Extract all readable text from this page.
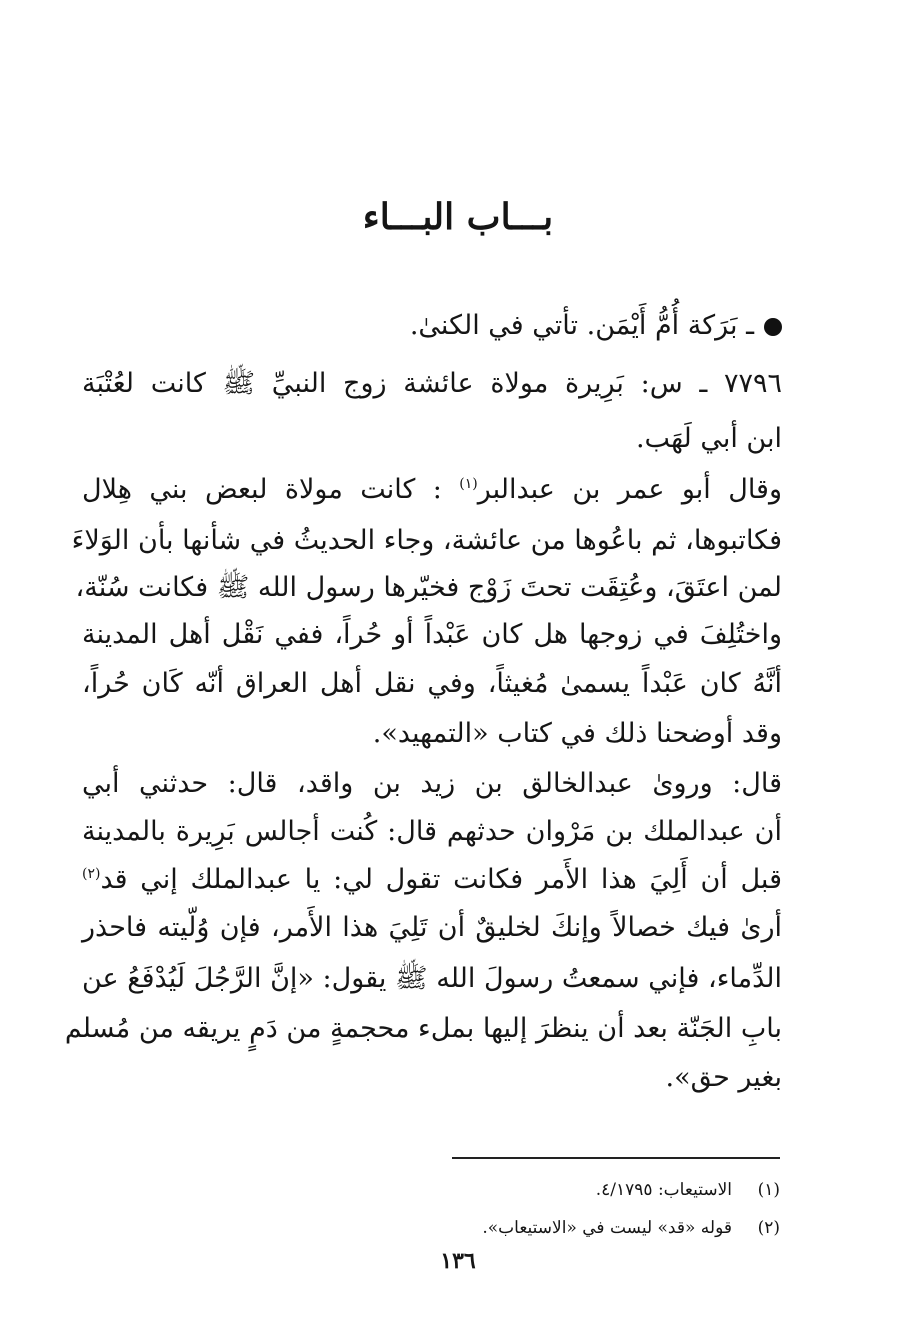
بـــاب البـــاء
ـ بَرَكة أُمُّ أَيْمَن. تأتي في الكنىٰ.
٧٧٩٦ ـ س: بَرِيرة مولاة عائشة زوج النبيِّ ﷺ كانت لعُتْبَة
ابن أبي لَهَب.
وقال أبو عمر بن عبدالبر$^{(١)}$ : كانت مولاة لبعض بني هِلال
فكاتبوها، ثم باعُوها من عائشة، وجاء الحديثُ في شأنها بأن الوَلاءَ
لمن اعتَقَ، وعُتِقَت تحتَ زَوْج فخيّرها رسول الله ﷺ فكانت سُنّة،
واختُلِفَ في زوجها هل كان عَبْداً أو حُراً، ففي نَقْل أهل المدينة
أنَّهُ كان عَبْداً يسمىٰ مُغيثاً، وفي نقل أهل العراق أنّه كَان حُراً،
وقد أوضحنا ذلك في كتاب «التمهيد».
قال: وروىٰ عبدالخالق بن زيد بن واقد، قال: حدثني أبي
أن عبدالملك بن مَرْوان حدثهم قال: كُنت أجالس بَرِيرة بالمدينة
قبل أن أَلِيَ هذا الأَمر فكانت تقول لي: يا عبدالملك إني قد$^{(٢)}$
أرىٰ فيك خصالاً وإنكَ لخليقٌ أن تَلِيَ هذا الأَمر، فإن وُلّيته فاحذر
الدِّماء، فإني سمعتُ رسولَ الله ﷺ يقول: «إنَّ الرَّجُلَ لَيُدْفَعُ عن
بابِ الجَنّة بعد أن ينظرَ إليها بملء محجمةٍ من دَمٍ يريقه من مُسلم
بغير حق».
(١)الاستيعاب: ٤/١٧٩٥.
(٢)قوله «قد» ليست في «الاستيعاب».
١٣٦
